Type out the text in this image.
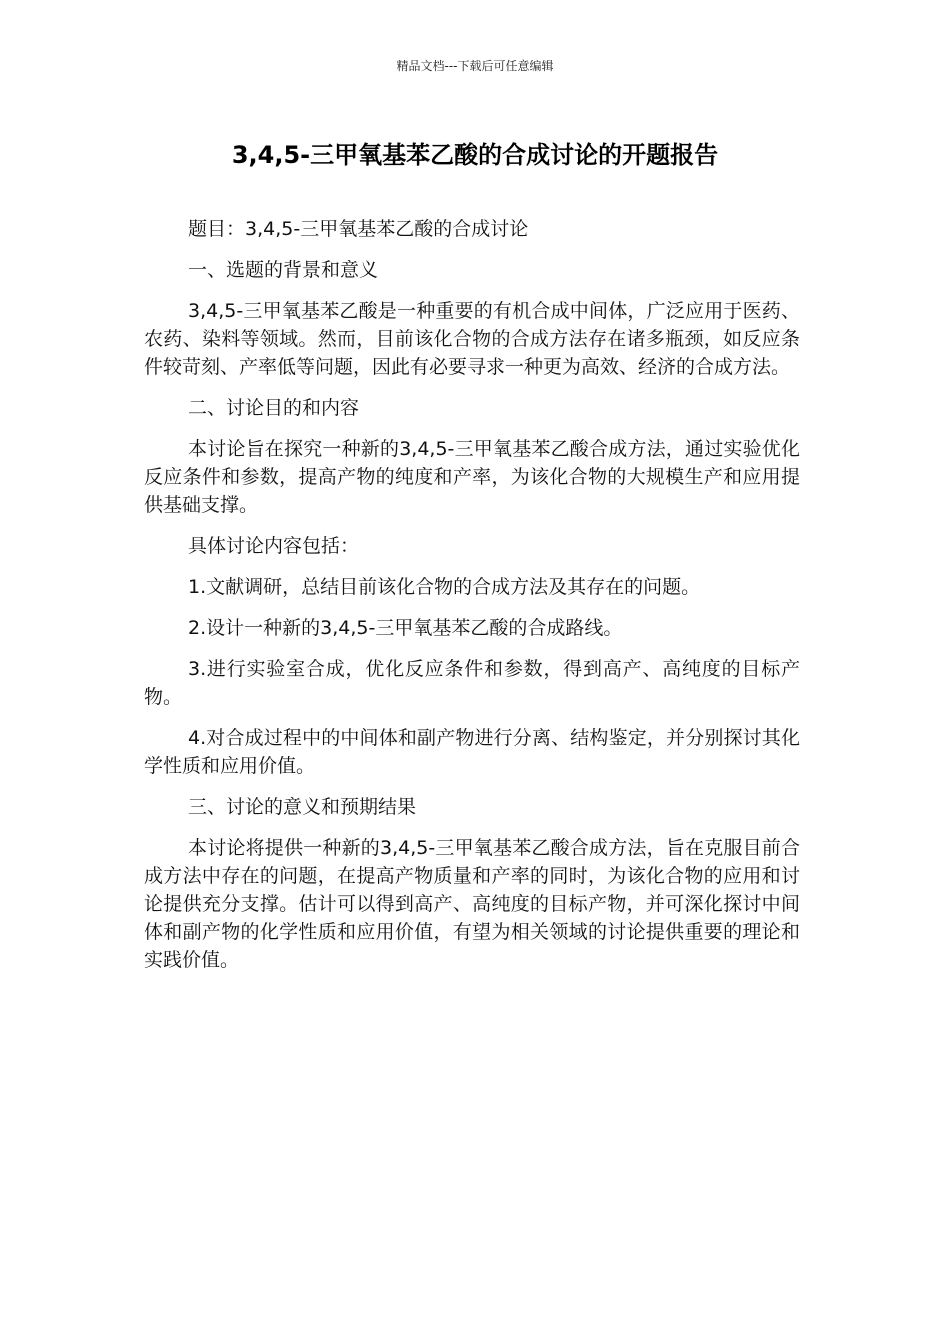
精品文档---下载后可任意编辑
3,4,5-三甲氧基苯乙酸的合成讨论的开题报告

题目：3,4,5-三甲氧基苯乙酸的合成讨论

一、选题的背景和意义

3,4,5-三甲氧基苯乙酸是一种重要的有机合成中间体，广泛应用于医药、农药、染料等领域。然而，目前该化合物的合成方法存在诸多瓶颈，如反应条件较苛刻、产率低等问题，因此有必要寻求一种更为高效、经济的合成方法。

二、讨论目的和内容

本讨论旨在探究一种新的3,4,5-三甲氧基苯乙酸合成方法，通过实验优化反应条件和参数，提高产物的纯度和产率，为该化合物的大规模生产和应用提供基础支撑。

具体讨论内容包括：

1.文献调研，总结目前该化合物的合成方法及其存在的问题。

2.设计一种新的3,4,5-三甲氧基苯乙酸的合成路线。

3.进行实验室合成，优化反应条件和参数，得到高产、高纯度的目标产物。

4.对合成过程中的中间体和副产物进行分离、结构鉴定，并分别探讨其化学性质和应用价值。

三、讨论的意义和预期结果

本讨论将提供一种新的3,4,5-三甲氧基苯乙酸合成方法，旨在克服目前合成方法中存在的问题，在提高产物质量和产率的同时，为该化合物的应用和讨论提供充分支撑。估计可以得到高产、高纯度的目标产物，并可深化探讨中间体和副产物的化学性质和应用价值，有望为相关领域的讨论提供重要的理论和实践价值。
